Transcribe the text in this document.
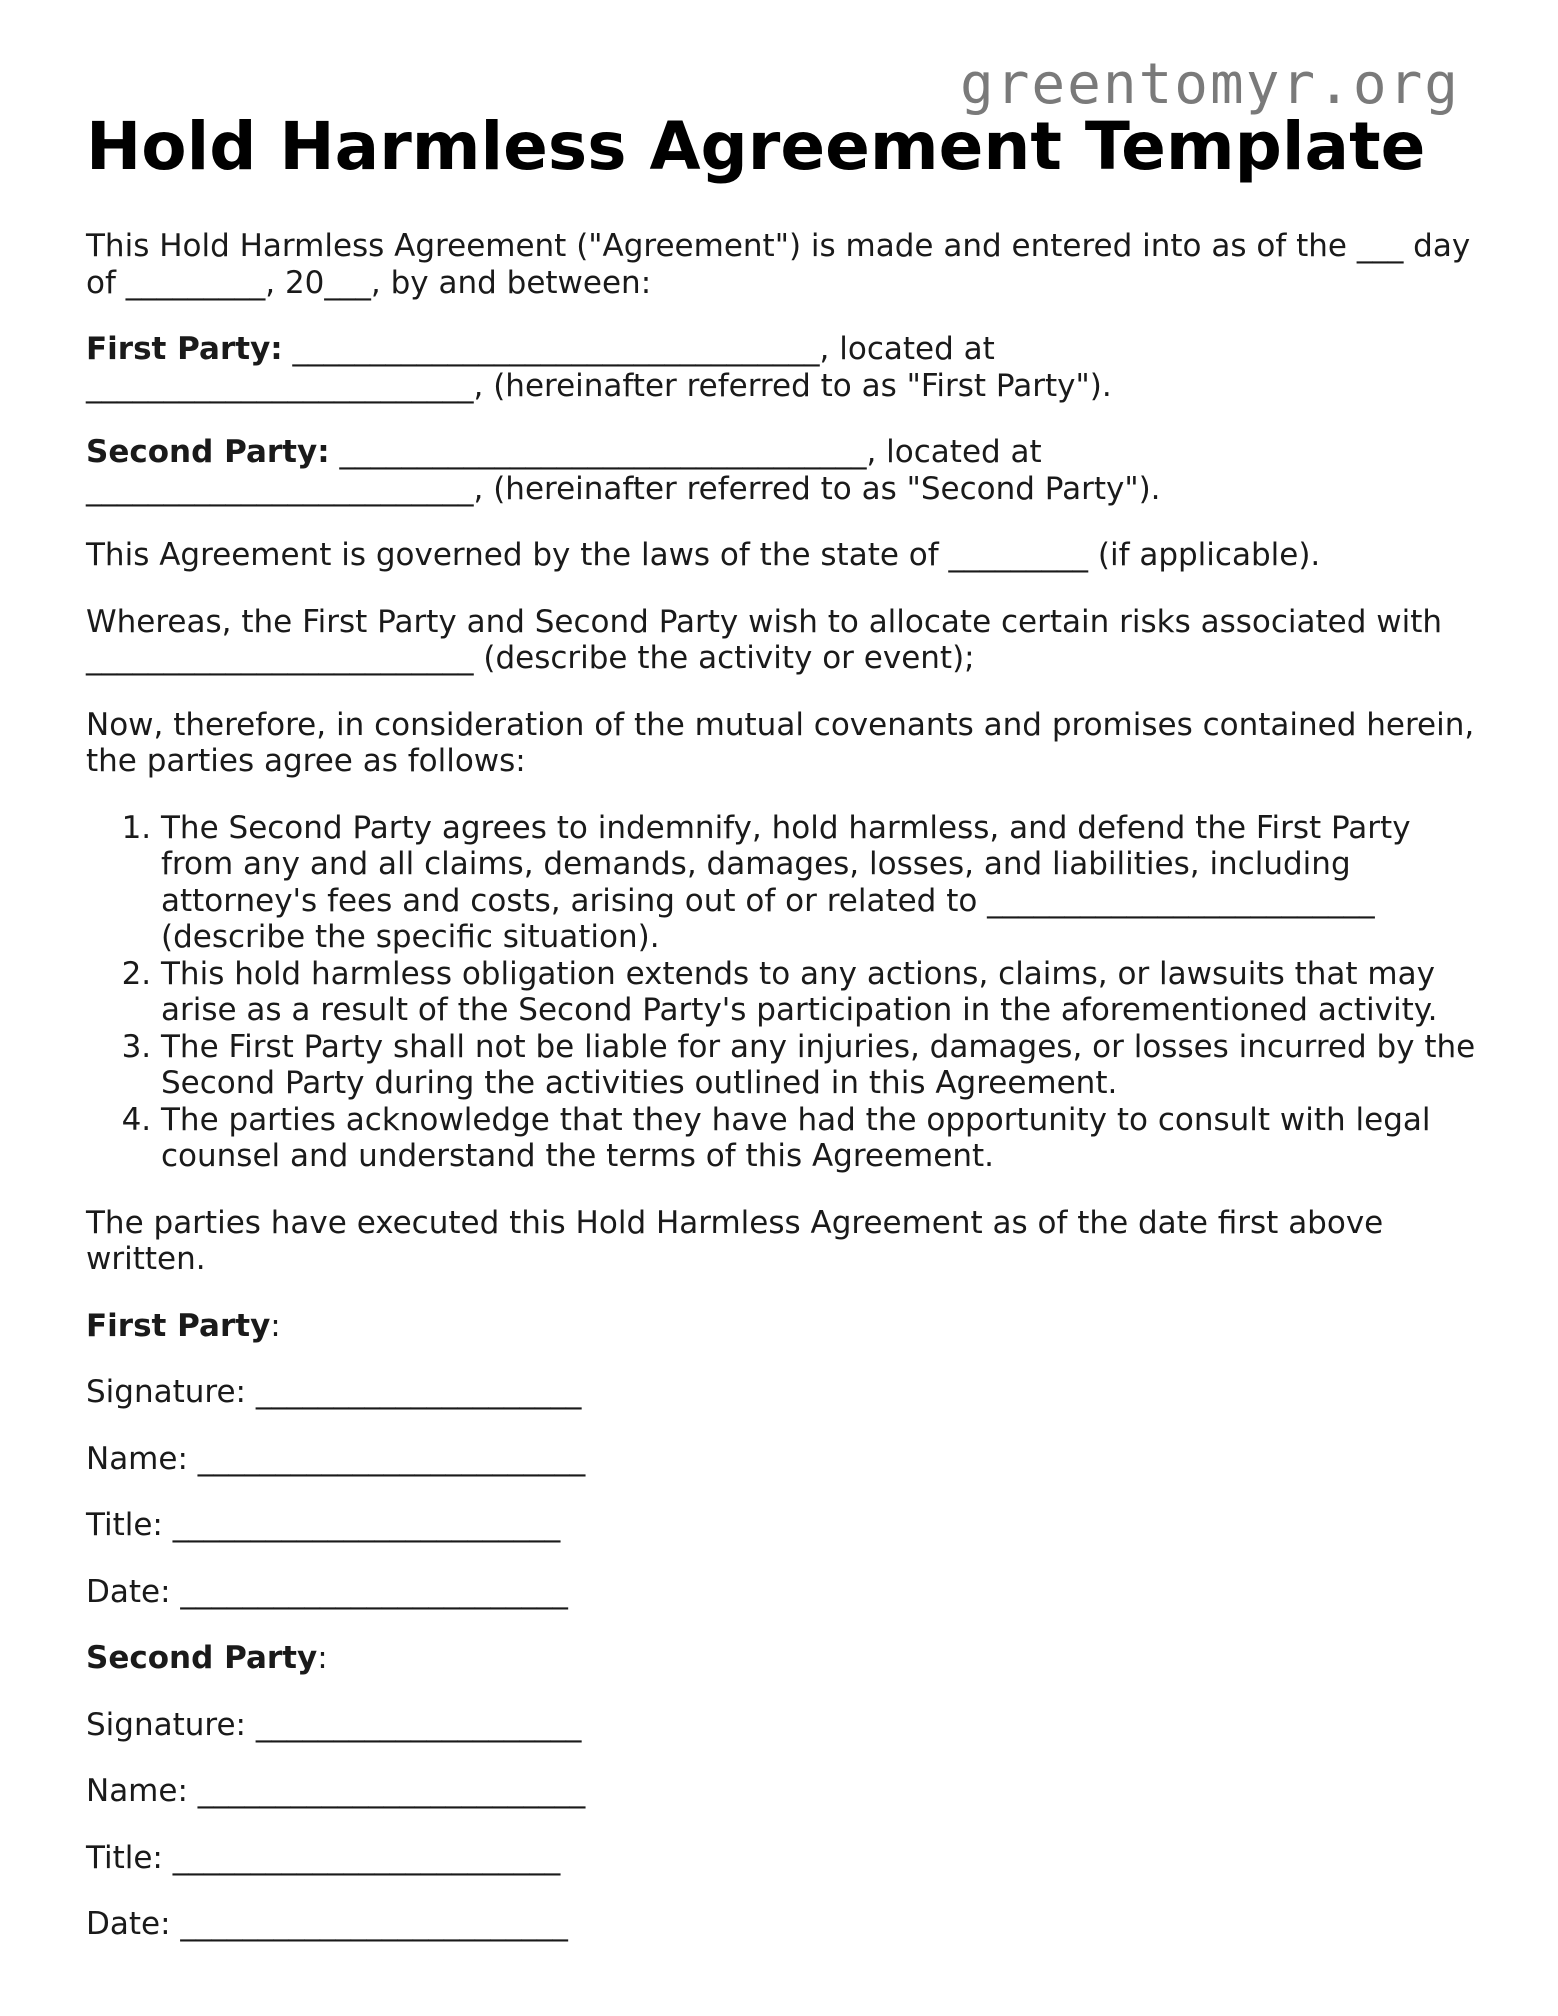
greentomyr.org
Hold Harmless Agreement Template

This Hold Harmless Agreement ("Agreement") is made and entered into as of the ___ day
of _________, 20___, by and between:

First Party: __________________________________, located at
_________________________, (hereinafter referred to as "First Party").

Second Party: __________________________________, located at
_________________________, (hereinafter referred to as "Second Party").

This Agreement is governed by the laws of the state of _________ (if applicable).

Whereas, the First Party and Second Party wish to allocate certain risks associated with
_________________________ (describe the activity or event);

Now, therefore, in consideration of the mutual covenants and promises contained herein,
the parties agree as follows:

1. The Second Party agrees to indemnify, hold harmless, and defend the First Party
from any and all claims, demands, damages, losses, and liabilities, including
attorney's fees and costs, arising out of or related to _________________________
(describe the specific situation).
2. This hold harmless obligation extends to any actions, claims, or lawsuits that may
arise as a result of the Second Party's participation in the aforementioned activity.
3. The First Party shall not be liable for any injuries, damages, or losses incurred by the
Second Party during the activities outlined in this Agreement.
4. The parties acknowledge that they have had the opportunity to consult with legal
counsel and understand the terms of this Agreement.

The parties have executed this Hold Harmless Agreement as of the date first above
written.

First Party:

Signature: _____________________

Name: _________________________

Title: _________________________

Date: _________________________

Second Party:

Signature: _____________________

Name: _________________________

Title: _________________________

Date: _________________________
